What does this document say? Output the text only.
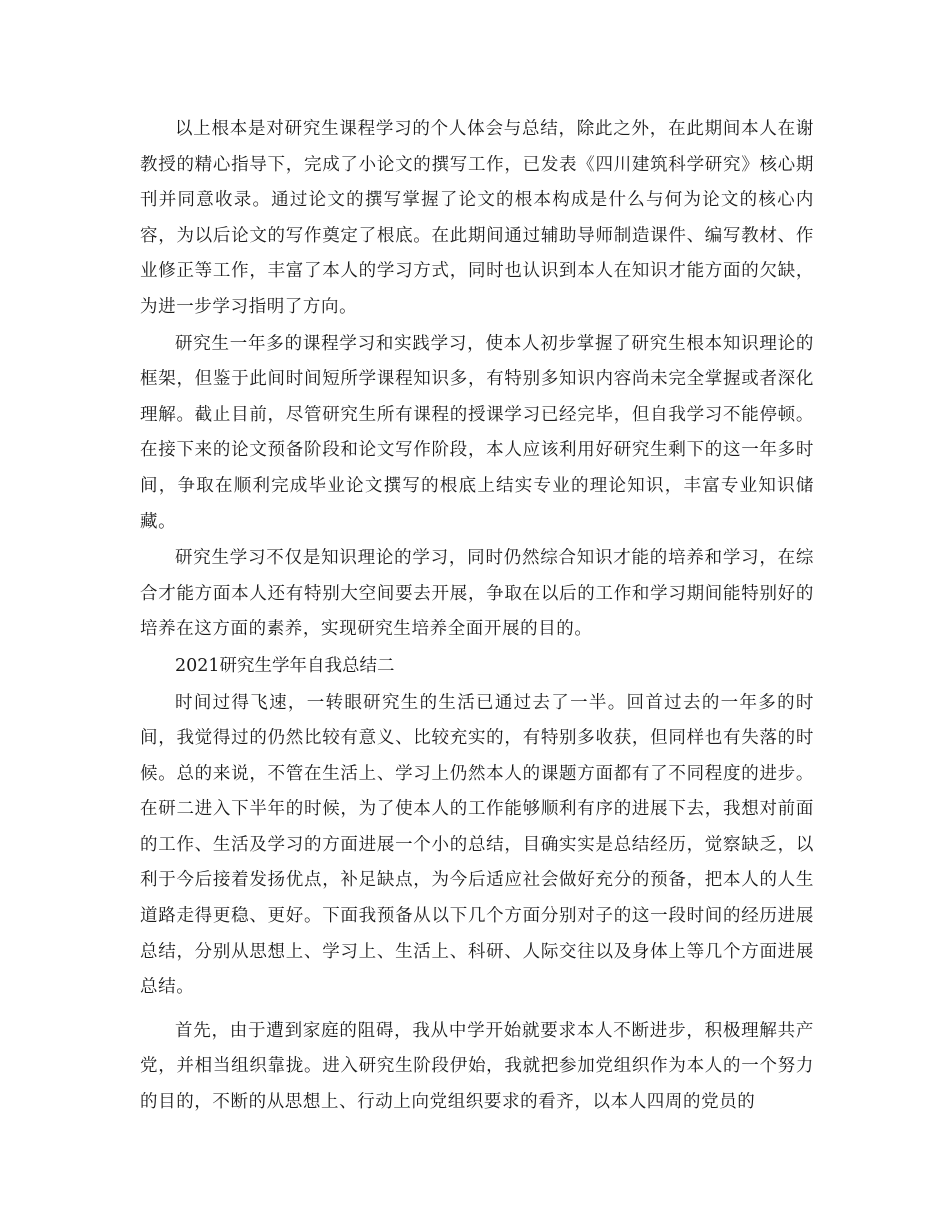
以上根本是对研究生课程学习的个人体会与总结，除此之外，在此期间本人在谢教授的精心指导下，完成了小论文的撰写工作，已发表《四川建筑科学研究》核心期刊并同意收录。通过论文的撰写掌握了论文的根本构成是什么与何为论文的核心内容，为以后论文的写作奠定了根底。在此期间通过辅助导师制造课件、编写教材、作业修正等工作，丰富了本人的学习方式，同时也认识到本人在知识才能方面的欠缺，为进一步学习指明了方向。

研究生一年多的课程学习和实践学习，使本人初步掌握了研究生根本知识理论的框架，但鉴于此间时间短所学课程知识多，有特别多知识内容尚未完全掌握或者深化理解。截止目前，尽管研究生所有课程的授课学习已经完毕，但自我学习不能停顿。在接下来的论文预备阶段和论文写作阶段，本人应该利用好研究生剩下的这一年多时间，争取在顺利完成毕业论文撰写的根底上结实专业的理论知识，丰富专业知识储藏。

研究生学习不仅是知识理论的学习，同时仍然综合知识才能的培养和学习，在综合才能方面本人还有特别大空间要去开展，争取在以后的工作和学习期间能特别好的培养在这方面的素养，实现研究生培养全面开展的目的。

2021研究生学年自我总结二

时间过得飞速，一转眼研究生的生活已通过去了一半。回首过去的一年多的时间，我觉得过的仍然比较有意义、比较充实的，有特别多收获，但同样也有失落的时候。总的来说，不管在生活上、学习上仍然本人的课题方面都有了不同程度的进步。在研二进入下半年的时候，为了使本人的工作能够顺利有序的进展下去，我想对前面的工作、生活及学习的方面进展一个小的总结，目确实实是总结经历，觉察缺乏，以利于今后接着发扬优点，补足缺点，为今后适应社会做好充分的预备，把本人的人生道路走得更稳、更好。下面我预备从以下几个方面分别对子的这一段时间的经历进展总结，分别从思想上、学习上、生活上、科研、人际交往以及身体上等几个方面进展总结。

首先，由于遭到家庭的阻碍，我从中学开始就要求本人不断进步，积极理解共产党，并相当组织靠拢。进入研究生阶段伊始，我就把参加党组织作为本人的一个努力的目的，不断的从思想上、行动上向党组织要求的看齐，以本人四周的党员的
